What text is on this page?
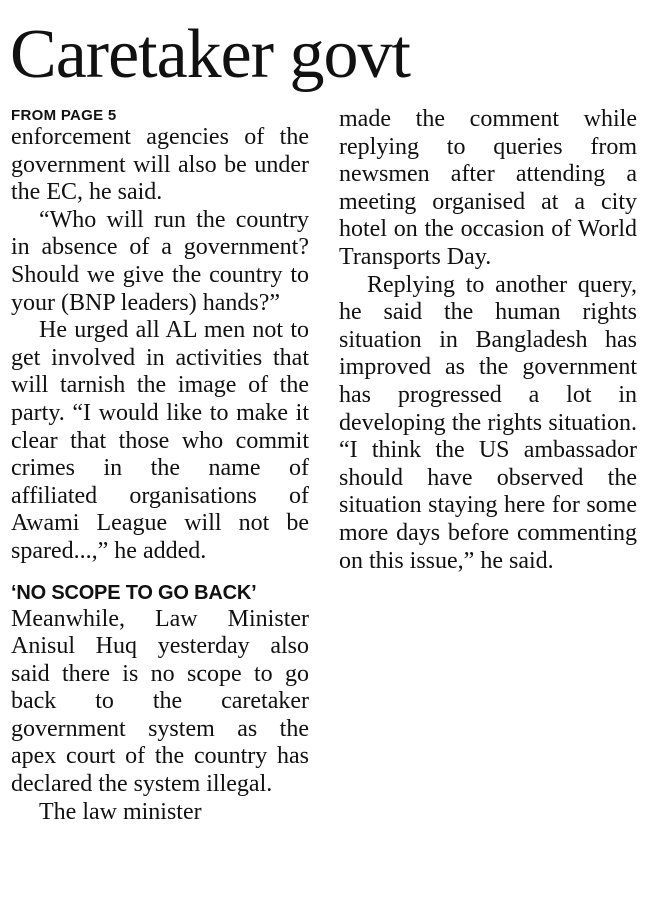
Caretaker govt
FROM PAGE 5

enforcement agencies of the government will also be under the EC, he said.

“Who will run the country in absence of a government? Should we give the country to your (BNP leaders) hands?”

He urged all AL men not to get involved in activities that will tarnish the image of the party. “I would like to make it clear that those who commit crimes in the name of affiliated organisations of Awami League will not be spared...,” he added.

‘NO SCOPE TO GO BACK’

Meanwhile, Law Minister Anisul Huq yesterday also said there is no scope to go back to the caretaker government system as the apex court of the country has declared the system illegal.

The law minister

made the comment while replying to queries from newsmen after attending a meeting organised at a city hotel on the occasion of World Transports Day.

Replying to another query, he said the human rights situation in Bangladesh has improved as the government has progressed a lot in developing the rights situation. “I think the US ambassador should have observed the situation staying here for some more days before commenting on this issue,” he said.
